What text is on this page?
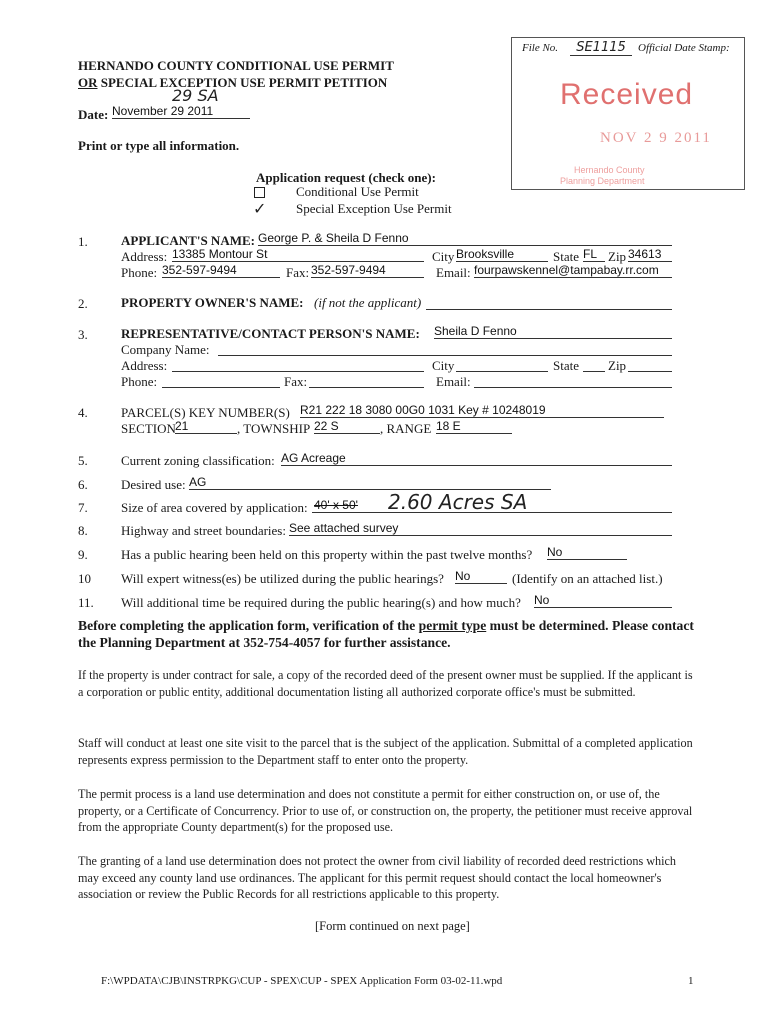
File No.	SE1115	Official Date Stamp:
Received
NOV 2 9 2011
Hernando County
Planning Department
HERNANDO COUNTY CONDITIONAL USE PERMIT
OR SPECIAL EXCEPTION USE PERMIT PETITION
29 SA
Date: November 29 2011
Print or type all information.
Application request (check one):
Conditional Use Permit
✓ Special Exception Use Permit
1.	APPLICANT'S NAME: George P. & Sheila D Fenno
Address: 13385 Montour St	City Brooksville	State FL Zip 34613
Phone: 352-597-9494	Fax: 352-597-9494	Email: fourpawskennel@tampabay.rr.com
2.	PROPERTY OWNER'S NAME: (if not the applicant)
3.	REPRESENTATIVE/CONTACT PERSON'S NAME: Sheila D Fenno
Company Name:
Address:	City	State Zip
Phone:	Fax:	Email:
4.	PARCEL(S) KEY NUMBER(S) R21 222 18 3080 00G0 1031 Key # 10248019
SECTION 21	, TOWNSHIP 22 S	, RANGE 18 E
5.	Current zoning classification: AG Acreage
6.	Desired use: AG
7.	Size of area covered by application: 40' x 50' 2.60 Acres SA
8.	Highway and street boundaries: See attached survey
9.	Has a public hearing been held on this property within the past twelve months? No
10 Will expert witness(es) be utilized during the public hearings? No	(Identify on an attached list.)
11. Will additional time be required during the public hearing(s) and how much? No
Before completing the application form, verification of the permit type must be determined. Please contact the Planning Department at 352-754-4057 for further assistance.
If the property is under contract for sale, a copy of the recorded deed of the present owner must be supplied. If the applicant is a corporation or public entity, additional documentation listing all authorized corporate office's must be submitted.
Staff will conduct at least one site visit to the parcel that is the subject of the application. Submittal of a completed application represents express permission to the Department staff to enter onto the property.
The permit process is a land use determination and does not constitute a permit for either construction on, or use of, the property, or a Certificate of Concurrency. Prior to use of, or construction on, the property, the petitioner must receive approval from the appropriate County department(s) for the proposed use.
The granting of a land use determination does not protect the owner from civil liability of recorded deed restrictions which may exceed any county land use ordinances. The applicant for this permit request should contact the local homeowner's association or review the Public Records for all restrictions applicable to this property.
[Form continued on next page]
F:\WPDATA\CJB\INSTRPKG\CUP - SPEX\CUP - SPEX Application Form 03-02-11.wpd	1
